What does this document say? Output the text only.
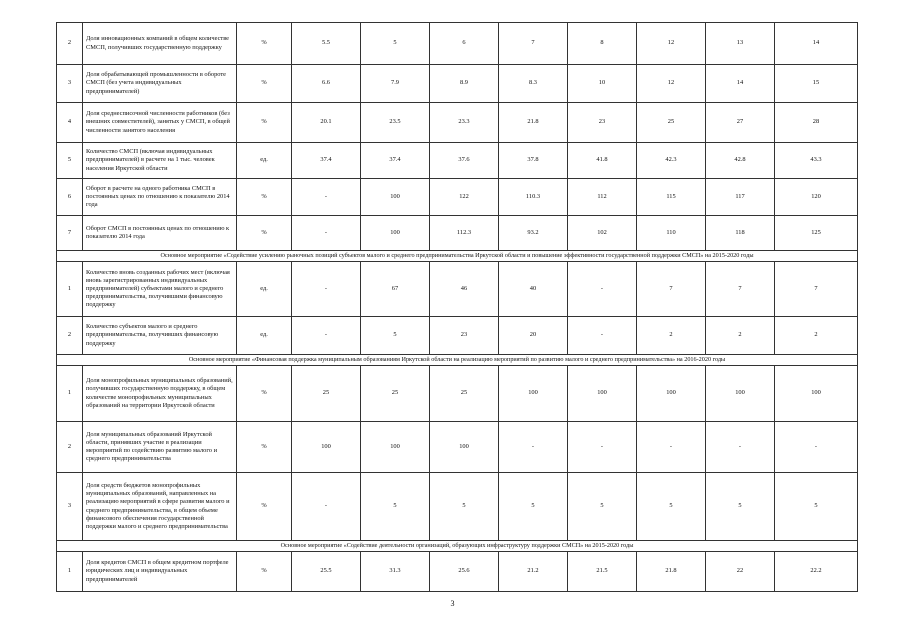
2	Доля инновационных компаний в общем количестве СМСП, получивших государственную поддержку	%	5.5	5	6	7	8	12	13	14
3	Доля обрабатывающей промышленности в обороте СМСП (без учета индивидуальных предпринимателей)	%	6.6	7.9	8.9	8.3	10	12	14	15
4	Доля среднесписочной численности работников (без внешних совместителей), занятых у СМСП, в общей численности занятого населения	%	20.1	23.5	23.3	21.8	23	25	27	28
5	Количество СМСП (включая индивидуальных предпринимателей) в расчете на 1 тыс. человек населения Иркутской области	ед.	37.4	37.4	37.6	37.8	41.8	42.3	42.8	43.3
6	Оборот в расчете на одного работника СМСП в постоянных ценах по отношению к показателю 2014 года	%	-	100	122	110.3	112	115	117	120
7	Оборот СМСП в постоянных ценах по отношению к показателю 2014 года	%	-	100	112.3	93.2	102	110	118	125
Основное мероприятие «Содействие усилению рыночных позиций субъектов малого и среднего предпринимательства Иркутской области и повышение эффективности государственной поддержки СМСП» на 2015-2020 годы										
1	Количество вновь созданных рабочих мест (включая вновь зарегистрированных индивидуальных предпринимателей) субъектами малого и среднего предпринимательства, получившими финансовую поддержку	ед.	-	67	46	40	-	7	7	7
2	Количество субъектов малого и среднего предпринимательства, получивших финансовую поддержку	ед.	-	5	23	20	-	2	2	2
Основное мероприятие «Финансовая поддержка муниципальным образованиям Иркутской области на реализацию мероприятий по развитию малого и среднего предпринимательства» на 2016-2020 годы										
1	Доля монопрофильных муниципальных образований, получивших государственную поддержку, в общем количестве монопрофильных муниципальных образований на территории Иркутской области	%	25	25	25	100	100	100	100	100
2	Доля муниципальных образований Иркутской области, принявших участие в реализации мероприятий по содействию развитию малого и среднего предпринимательства	%	100	100	100	-	-	-	-	-
3	Доля средств бюджетов монопрофильных муниципальных образований, направленных на реализацию мероприятий в сфере развития малого и среднего предпринимательства, в общем объеме финансового обеспечения государственной поддержки малого и среднего предпринимательства	%	-	5	5	5	5	5	5	5
Основное мероприятие «Содействие деятельности организаций, образующих инфраструктуру поддержки СМСП» на 2015-2020 годы										
1	Доля кредитов СМСП в общем кредитном портфеле юридических лиц и индивидуальных предпринимателей	%	25.5	31.3	25.6	21.2	21.5	21.8	22	22.2
3
